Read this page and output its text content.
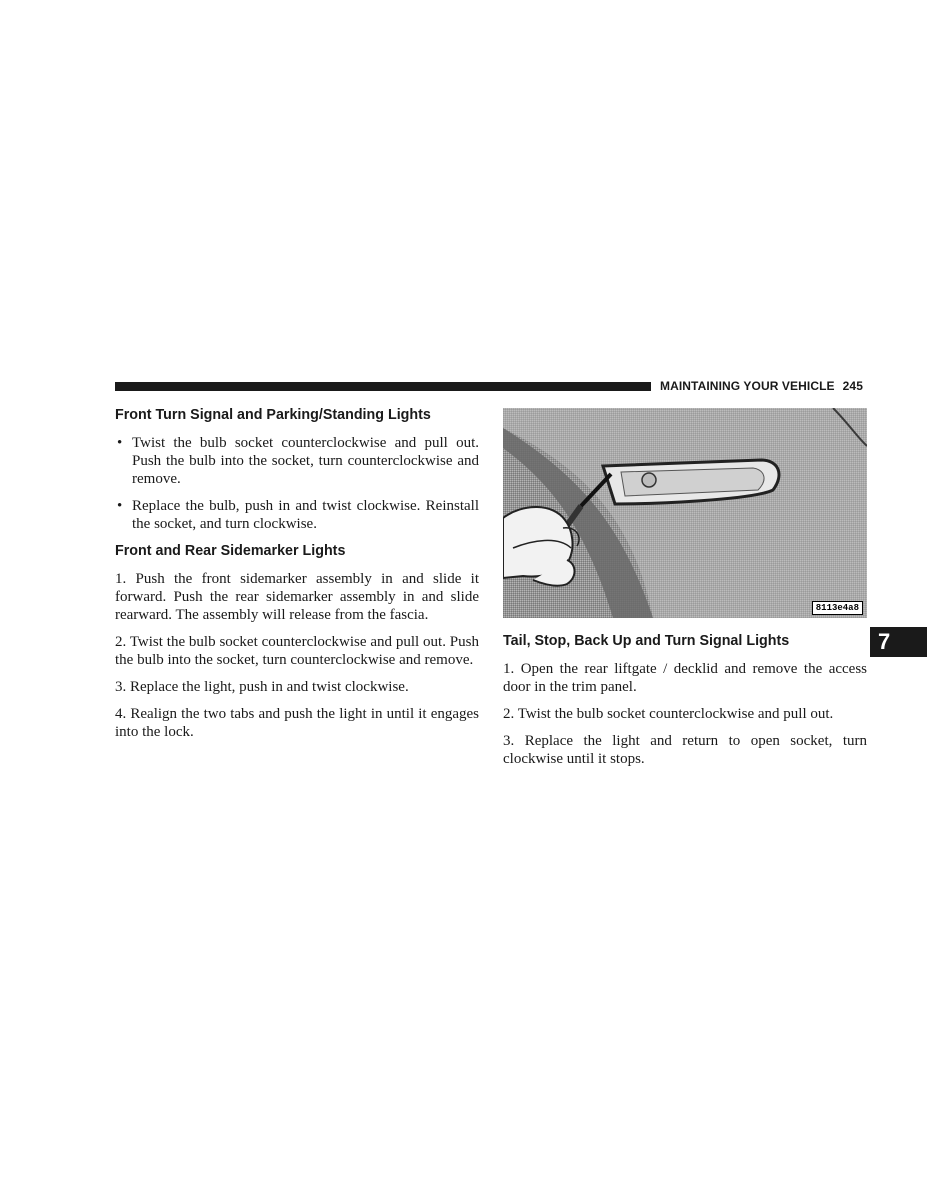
MAINTAINING YOUR VEHICLE 245
Front Turn Signal and Parking/Standing Lights
• Twist the bulb socket counterclockwise and pull out. Push the bulb into the socket, turn counterclockwise and remove.
• Replace the bulb, push in and twist clockwise. Reinstall the socket, and turn clockwise.
Front and Rear Sidemarker Lights

1. Push the front sidemarker assembly in and slide it forward. Push the rear sidemarker assembly in and slide rearward. The assembly will release from the fascia.

2. Twist the bulb socket counterclockwise and pull out. Push the bulb into the socket, turn counterclockwise and remove.

3. Replace the light, push in and twist clockwise.

4. Realign the two tabs and push the light in until it engages into the lock.

8113e4a8
Tail, Stop, Back Up and Turn Signal Lights

1. Open the rear liftgate / decklid and remove the access door in the trim panel.

2. Twist the bulb socket counterclockwise and pull out.

3. Replace the light and return to open socket, turn clockwise until it stops.

7
